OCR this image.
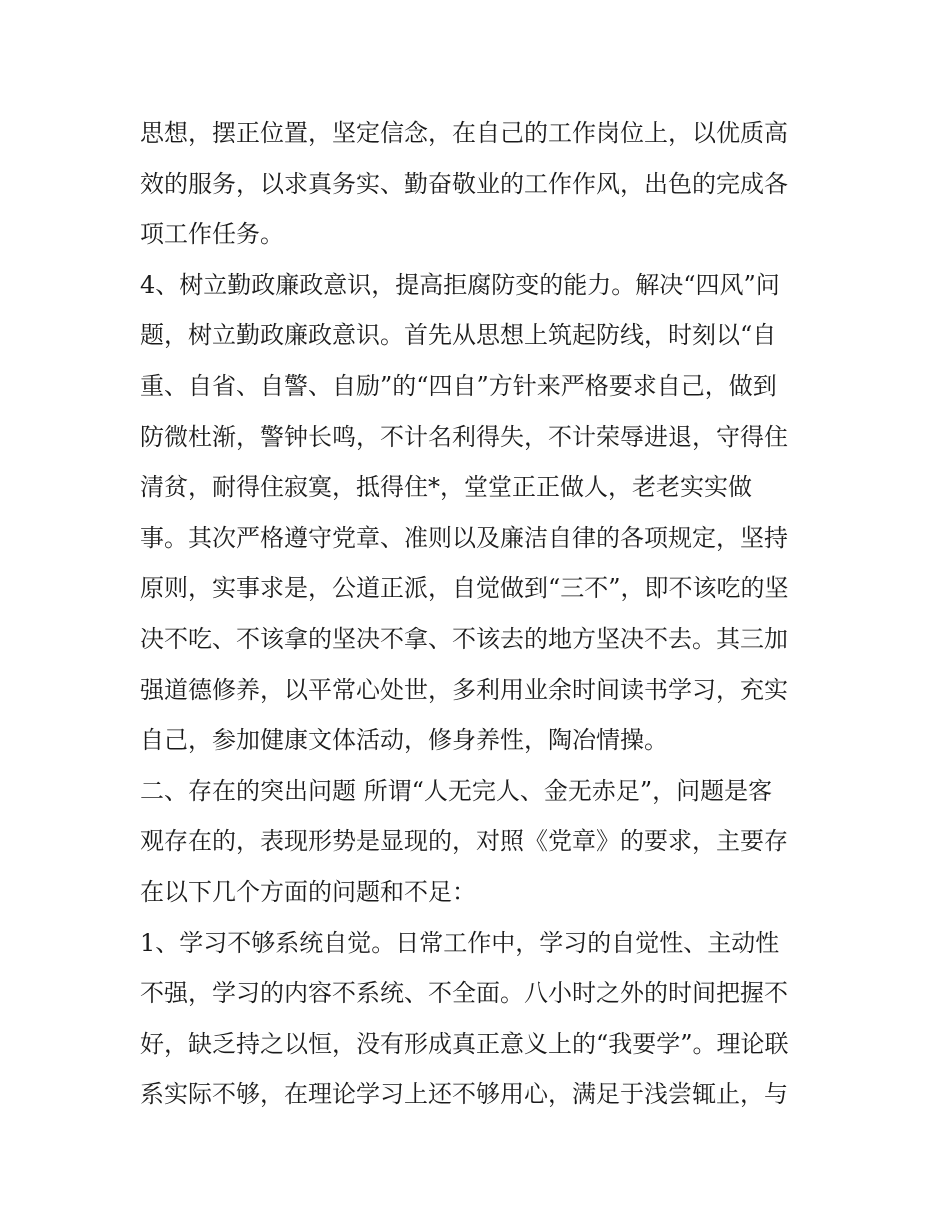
思想，摆正位置，坚定信念，在自己的工作岗位上，以优质高
效的服务，以求真务实、勤奋敬业的工作作风，出色的完成各
项工作任务。
4、树立勤政廉政意识，提高拒腐防变的能力。解决“四风”问
题，树立勤政廉政意识。首先从思想上筑起防线，时刻以“自
重、自省、自警、自励”的“四自”方针来严格要求自己，做到
防微杜渐，警钟长鸣，不计名利得失，不计荣辱进退，守得住
清贫，耐得住寂寞，抵得住*，堂堂正正做人，老老实实做
事。其次严格遵守党章、准则以及廉洁自律的各项规定，坚持
原则，实事求是，公道正派，自觉做到“三不”，即不该吃的坚
决不吃、不该拿的坚决不拿、不该去的地方坚决不去。其三加
强道德修养，以平常心处世，多利用业余时间读书学习，充实
自己，参加健康文体活动，修身养性，陶冶情操。
二、存在的突出问题 所谓“人无完人、金无赤足”，问题是客
观存在的，表现形势是显现的，对照《党章》的要求，主要存
在以下几个方面的问题和不足：
1、学习不够系统自觉。日常工作中，学习的自觉性、主动性
不强，学习的内容不系统、不全面。八小时之外的时间把握不
好，缺乏持之以恒，没有形成真正意义上的“我要学”。理论联
系实际不够，在理论学习上还不够用心，满足于浅尝辄止，与
